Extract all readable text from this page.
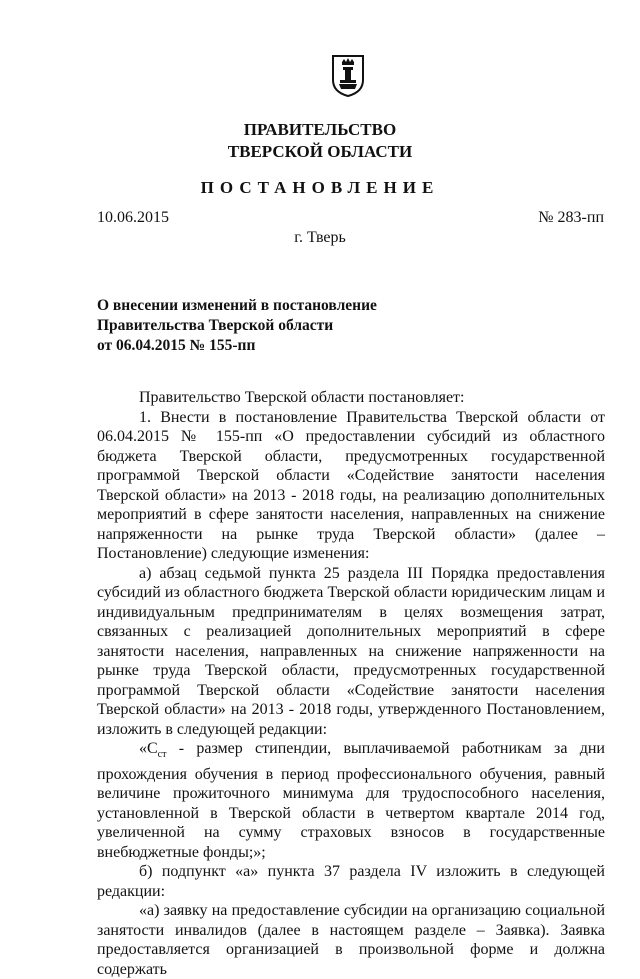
ПРАВИТЕЛЬСТВО
ТВЕРСКОЙ ОБЛАСТИ
ПОСТАНОВЛЕНИЕ
10.06.2015	№ 283-пп
г. Тверь
О внесении изменений в постановление
Правительства Тверской области
от 06.04.2015 № 155-пп

Правительство Тверской области постановляет:

1. Внести в постановление Правительства Тверской области от 06.04.2015 № 155-пп «О предоставлении субсидий из областного бюджета Тверской области, предусмотренных государственной программой Тверской области «Содействие занятости населения Тверской области» на 2013 - 2018 годы, на реализацию дополнительных мероприятий в сфере занятости населения, направленных на снижение напряженности на рынке труда Тверской области» (далее – Постановление) следующие изменения:

а) абзац седьмой пункта 25 раздела III Порядка предоставления субсидий из областного бюджета Тверской области юридическим лицам и индивидуальным предпринимателям в целях возмещения затрат, связанных с реализацией дополнительных мероприятий в сфере занятости населения, направленных на снижение напряженности на рынке труда Тверской области, предусмотренных государственной программой Тверской области «Содействие занятости населения Тверской области» на 2013 - 2018 годы, утвержденного Постановлением, изложить в следующей редакции:

«$С_{ст}$ - размер стипендии, выплачиваемой работникам за дни прохождения обучения в период профессионального обучения, равный величине прожиточного минимума для трудоспособного населения, установленной в Тверской области в четвертом квартале 2014 год, увеличенной на сумму страховых взносов в государственные внебюджетные фонды;»;

б) подпункт «а» пункта 37 раздела IV изложить в следующей редакции:

«а) заявку на предоставление субсидии на организацию социальной занятости инвалидов (далее в настоящем разделе – Заявка). Заявка предоставляется организацией в произвольной форме и должна содержать
